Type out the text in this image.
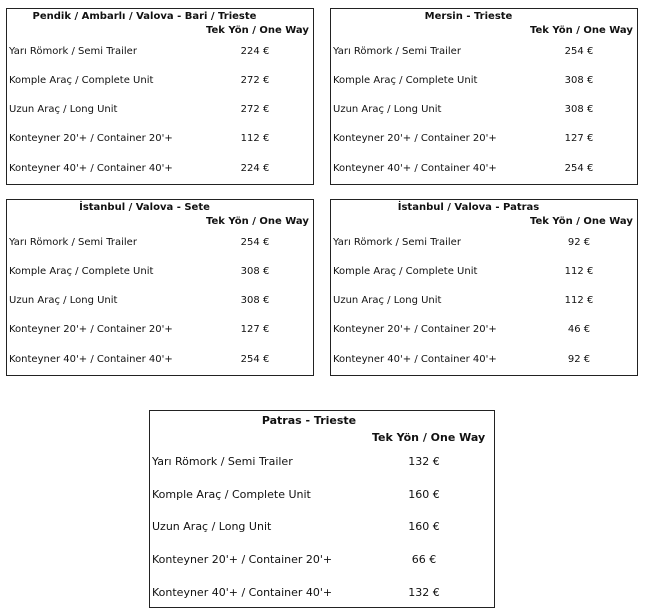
Pendik / Ambarlı / Valova - Bari / Trieste
Tek Yön / One Way
Yarı Römork / Semi Trailer	224 €
Komple Araç / Complete Unit	272 €
Uzun Araç / Long Unit	272 €
Konteyner 20'+ / Container 20'+	112 €
Konteyner 40'+ / Container 40'+	224 €
Mersin - Trieste
Tek Yön / One Way
Yarı Römork / Semi Trailer	254 €
Komple Araç / Complete Unit	308 €
Uzun Araç / Long Unit	308 €
Konteyner 20'+ / Container 20'+	127 €
Konteyner 40'+ / Container 40'+	254 €
İstanbul / Valova - Sete
Tek Yön / One Way
Yarı Römork / Semi Trailer	254 €
Komple Araç / Complete Unit	308 €
Uzun Araç / Long Unit	308 €
Konteyner 20'+ / Container 20'+	127 €
Konteyner 40'+ / Container 40'+	254 €
İstanbul / Valova - Patras
Tek Yön / One Way
Yarı Römork / Semi Trailer	92 €
Komple Araç / Complete Unit	112 €
Uzun Araç / Long Unit	112 €
Konteyner 20'+ / Container 20'+	46 €
Konteyner 40'+ / Container 40'+	92 €
Patras - Trieste
Tek Yön / One Way
Yarı Römork / Semi Trailer	132 €
Komple Araç / Complete Unit	160 €
Uzun Araç / Long Unit	160 €
Konteyner 20'+ / Container 20'+	66 €
Konteyner 40'+ / Container 40'+	132 €
